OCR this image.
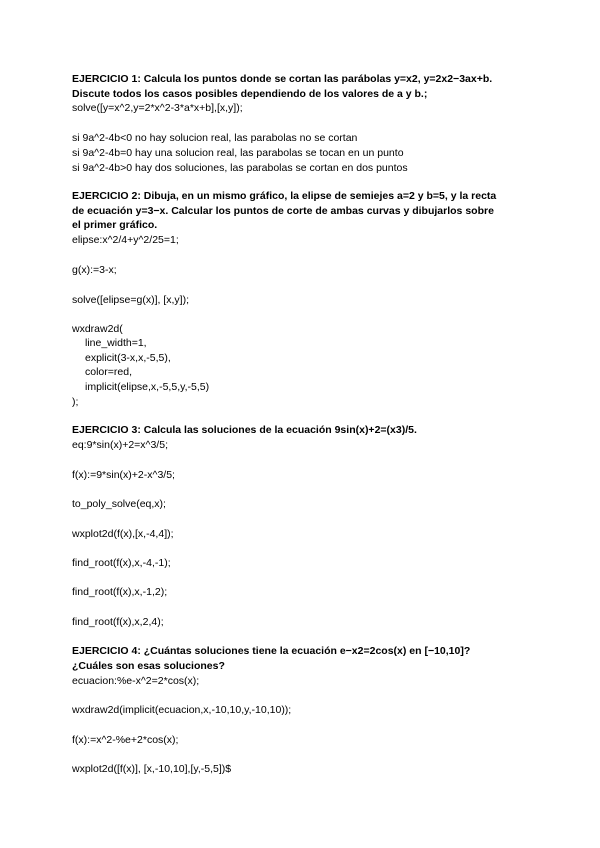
EJERCICIO 1: Calcula los puntos donde se cortan las parábolas y=x2, y=2x2−3ax+b.
Discute todos los casos posibles dependiendo de los valores de a y b.;
solve([y=x^2,y=2*x^2-3*a*x+b],[x,y]);
si 9a^2-4b<0 no hay solucion real, las parabolas no se cortan
si 9a^2-4b=0 hay una solucion real, las parabolas se tocan en un punto
si 9a^2-4b>0 hay dos soluciones, las parabolas se cortan en dos puntos
EJERCICIO 2: Dibuja, en un mismo gráfico, la elipse de semiejes a=2 y b=5, y la recta
de ecuación y=3−x. Calcular los puntos de corte de ambas curvas y dibujarlos sobre
el primer gráfico.
elipse:x^2/4+y^2/25=1;
g(x):=3-x;
solve([elipse=g(x)], [x,y]);
wxdraw2d(
line_width=1,
explicit(3-x,x,-5,5),
color=red,
implicit(elipse,x,-5,5,y,-5,5)
);
EJERCICIO 3: Calcula las soluciones de la ecuación 9sin(x)+2=(x3)/5.
eq:9*sin(x)+2=x^3/5;
f(x):=9*sin(x)+2-x^3/5;
to_poly_solve(eq,x);
wxplot2d(f(x),[x,-4,4]);
find_root(f(x),x,-4,-1);
find_root(f(x),x,-1,2);
find_root(f(x),x,2,4);
EJERCICIO 4: ¿Cuántas soluciones tiene la ecuación e−x2=2cos(x) en [−10,10]?
¿Cuáles son esas soluciones?
ecuacion:%e-x^2=2*cos(x);
wxdraw2d(implicit(ecuacion,x,-10,10,y,-10,10));
f(x):=x^2-%e+2*cos(x);
wxplot2d([f(x)], [x,-10,10],[y,-5,5])$
